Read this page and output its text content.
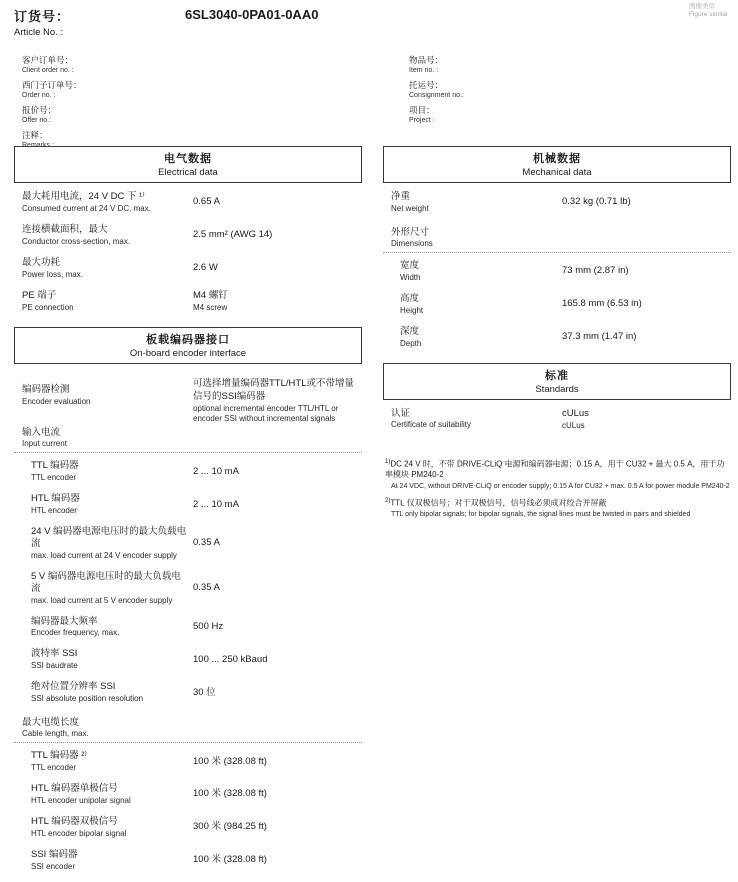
订货号：
Article No. :
6SL3040-0PA01-0AA0
图像类似
Figure similar
客户订单号：
Client order no. :
西门子订单号：
Order no. :
报价号：
Offer no.:
注释：
Remarks :
物品号：
Item no. :
托运号：
Consignment no.:
项目：
Project :
电气数据
Electrical data
最大耗用电流，24 V DC 下 ¹⁾
Consumed current at 24 V DC, max.
0.65 A
连接横截面积，最大
Conductor cross-section, max.
2.5 mm² (AWG 14)
最大功耗
Power loss, max.
2.6 W
PE 端子
PE connection
M4 螺钉
M4 screw
板载编码器接口
On-board encoder interface
编码器检测
Encoder evaluation
可选择增量编码器TTL/HTL或不带增量信号的SSI编码器
optional incremental encoder TTL/HTL or encoder SSI without incremental signals
输入电流
Input current
TTL 编码器
TTL encoder
2 ... 10 mA
HTL 编码器
HTL encoder
2 ... 10 mA
24 V 编码器电源电压时的最大负载电流
max. load current at 24 V encoder supply
0.35 A
5 V 编码器电源电压时的最大负载电流
max. load current at 5 V encoder supply
0.35 A
编码器最大频率
Encoder frequency, max.
500 Hz
波特率 SSI
SSI baudrate
100 ... 250 kBaud
绝对位置分辨率 SSI
SSI absolute position resolution
30 位
最大电缆长度
Cable length, max.
TTL 编码器 ²⁾
TTL encoder
100 米 (328.08 ft)
HTL 编码器单极信号
HTL encoder unipolar signal
100 米 (328.08 ft)
HTL 编码器双极信号
HTL encoder bipolar signal
300 米 (984.25 ft)
SSI 编码器
SSI encoder
100 米 (328.08 ft)
机械数据
Mechanical data
净重
Net weight
0.32 kg (0.71 lb)
外形尺寸
Dimensions
宽度
Width
73 mm (2.87 in)
高度
Height
165.8 mm (6.53 in)
深度
Depth
37.3 mm (1.47 in)
标准
Standards
认证
Certificate of suitability
cULus
cULus
$^{1)}$DC 24 V 时，不带 DRIVE-CLiQ 电源和编码器电源；0.15 A，用于 CU32 + 最大 0.5 A，用于功率模块 PM240-2
At 24 VDC, without DRIVE-CLiQ or encoder supply; 0.15 A for CU32 + max. 0.5 A for power module PM240-2
$^{2)}$TTL 仅双极信号；对于双极信号，信号线必须成对绞合并屏蔽
TTL only bipolar signals; for bipolar signals, the signal lines must be twisted in pairs and shielded
